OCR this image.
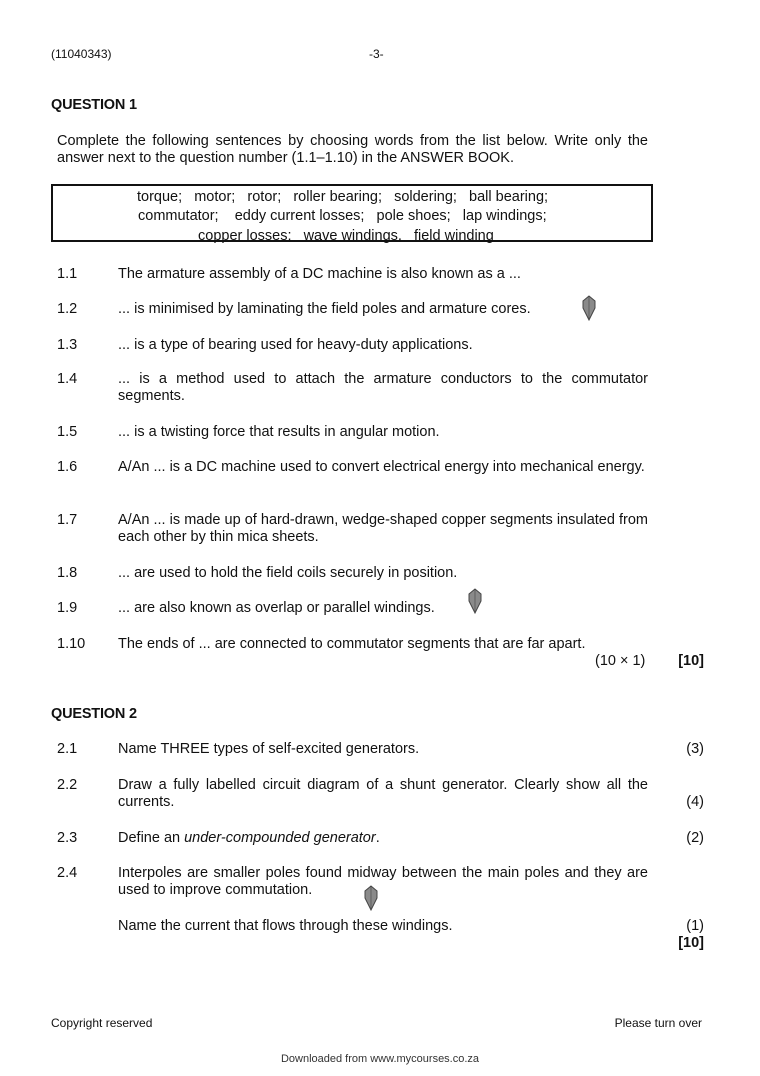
(11040343)	-3-
QUESTION 1
Complete the following sentences by choosing words from the list below. Write only the answer next to the question number (1.1–1.10) in the ANSWER BOOK.
torque;   motor;   rotor;   roller bearing;   soldering;   ball bearing;
commutator;    eddy current losses;   pole shoes;   lap windings;
copper losses;   wave windings,   field winding
1.1	The armature assembly of a DC machine is also known as a ...
1.2	... is minimised by laminating the field poles and armature cores.
1.3	... is a type of bearing used for heavy-duty applications.
1.4	... is a method used to attach the armature conductors to the commutator segments.
1.5	... is a twisting force that results in angular motion.
1.6	A/An ... is a DC machine used to convert electrical energy into mechanical energy.
1.7	A/An ... is made up of hard-drawn, wedge-shaped copper segments insulated from each other by thin mica sheets.
1.8	... are used to hold the field coils securely in position.
1.9	... are also known as overlap or parallel windings.
1.10 The ends of ... are connected to commutator segments that are far apart.
(10 × 1) [10]
QUESTION 2
2.1	Name THREE types of self-excited generators.	(3)
2.2	Draw a fully labelled circuit diagram of a shunt generator. Clearly show all the currents.	(4)
2.3	Define an under-compounded generator.	(2)
2.4	Interpoles are smaller poles found midway between the main poles and they are used to improve commutation.
Name the current that flows through these windings.	(1)
[10]
Copyright reserved	Please turn over
Downloaded from www.mycourses.co.za
